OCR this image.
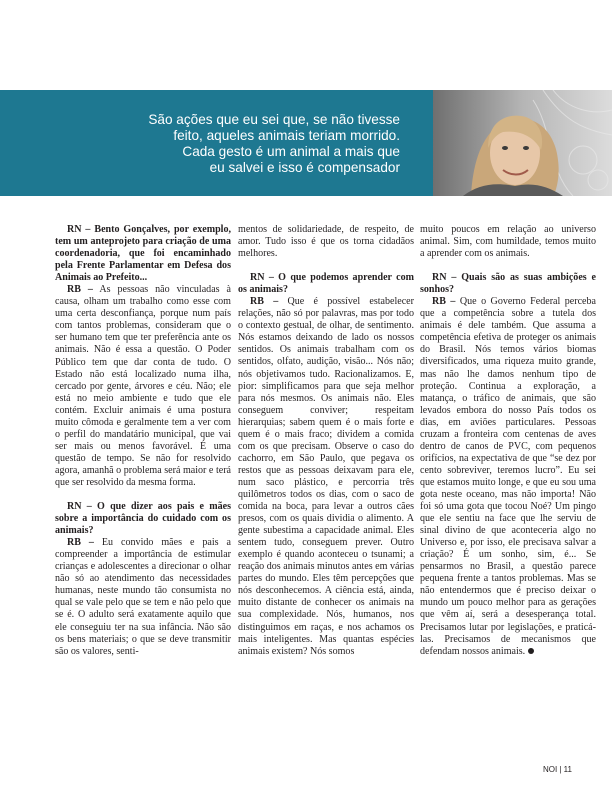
São ações que eu sei que, se não tivesse
feito, aqueles animais teriam morrido.
Cada gesto é um animal a mais que
eu salvei e isso é compensador

RN – Bento Gonçalves, por exemplo, tem um anteprojeto para criação de uma coordenadoria, que foi encaminhado pela Frente Parlamentar em Defesa dos Animais ao Prefeito...

RB – As pessoas não vinculadas à causa, olham um trabalho como esse com uma certa desconfiança, porque num país com tantos problemas, consideram que o ser humano tem que ter preferência ante os animais. Não é essa a questão. O Poder Público tem que dar conta de tudo. O Estado não está localizado numa ilha, cercado por gente, árvores e céu. Não; ele está no meio ambiente e tudo que ele contém. Excluir animais é uma postura muito cômoda e geralmente tem a ver com o perfil do mandatário municipal, que vai ser mais ou menos favorável. É uma questão de tempo. Se não for resolvido agora, amanhã o problema será maior e terá que ser resolvido da mesma forma.

RN – O que dizer aos pais e mães sobre a importância do cuidado com os animais?

RB – Eu convido mães e pais a compreender a importância de estimular crianças e adolescentes a direcionar o olhar não só ao atendimento das necessidades humanas, neste mundo tão consumista no qual se vale pelo que se tem e não pelo que se é. O adulto será exatamente aquilo que ele conseguiu ter na sua infância. Não são os bens materiais; o que se deve transmitir são os valores, senti-

mentos de solidariedade, de respeito, de amor. Tudo isso é que os torna cidadãos melhores.

RN – O que podemos aprender com os animais?

RB – Que é possível estabelecer relações, não só por palavras, mas por todo o contexto gestual, de olhar, de sentimento. Nós estamos deixando de lado os nossos sentidos. Os animais trabalham com os sentidos, olfato, audição, visão... Nós não; nós objetivamos tudo. Racionalizamos. E, pior: simplificamos para que seja melhor para nós mesmos. Os animais não. Eles conseguem conviver; respeitam hierarquias; sabem quem é o mais forte e quem é o mais fraco; dividem a comida com os que precisam. Observe o caso do cachorro, em São Paulo, que pegava os restos que as pessoas deixavam para ele, num saco plástico, e percorria três quilômetros todos os dias, com o saco de comida na boca, para levar a outros cães presos, com os quais dividia o alimento. A gente subestima a capacidade animal. Eles sentem tudo, conseguem prever. Outro exemplo é quando aconteceu o tsunami; a reação dos animais minutos antes em várias partes do mundo. Eles têm percepções que nós desconhecemos. A ciência está, ainda, muito distante de conhecer os animais na sua complexidade. Nós, humanos, nos distinguimos em raças, e nos achamos os mais inteligentes. Mas quantas espécies animais existem? Nós somos

muito poucos em relação ao universo animal. Sim, com humildade, temos muito a aprender com os animais.

RN – Quais são as suas ambições e sonhos?

RB – Que o Governo Federal perceba que a competência sobre a tutela dos animais é dele também. Que assuma a competência efetiva de proteger os animais do Brasil. Nós temos vários biomas diversificados, uma riqueza muito grande, mas não lhe damos nenhum tipo de proteção. Continua a exploração, a matança, o tráfico de animais, que são levados embora do nosso País todos os dias, em aviões particulares. Pessoas cruzam a fronteira com centenas de aves dentro de canos de PVC, com pequenos orifícios, na expectativa de que “se dez por cento sobreviver, teremos lucro”. Eu sei que estamos muito longe, e que eu sou uma gota neste oceano, mas não importa! Não foi só uma gota que tocou Noé? Um pingo que ele sentiu na face que lhe serviu de sinal divino de que aconteceria algo no Universo e, por isso, ele precisava salvar a criação? É um sonho, sim, é... Se pensarmos no Brasil, a questão parece pequena frente a tantos problemas. Mas se não entendermos que é preciso deixar o mundo um pouco melhor para as gerações que vêm aí, será a desesperança total. Precisamos lutar por legislações, e praticá-las. Precisamos de mecanismos que defendam nossos animais.

NOI | 11
